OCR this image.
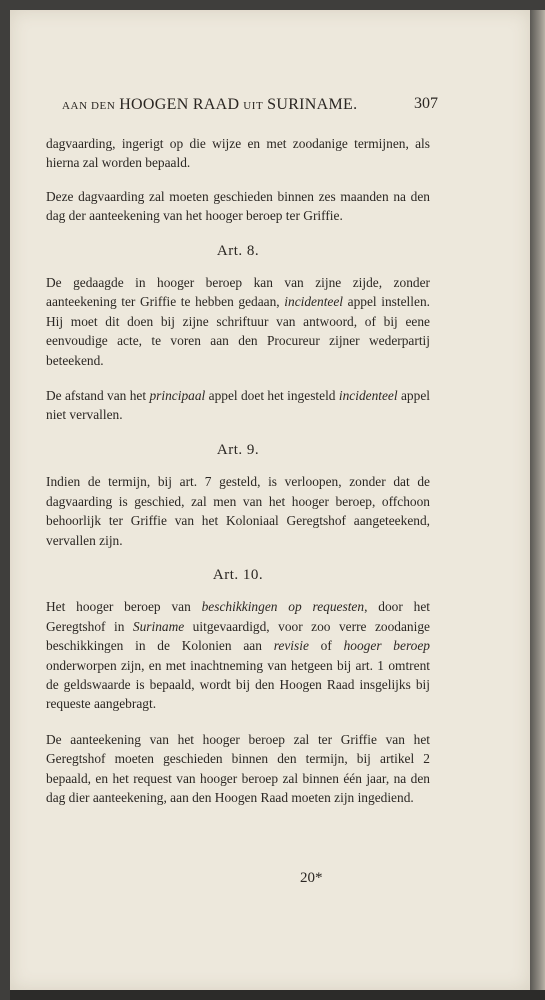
AAN DEN HOOGEN RAAD UIT SURINAME.	307

dagvaarding, ingerigt op die wijze en met zoodanige termijnen, als hierna zal worden bepaald.

Deze dagvaarding zal moeten geschieden binnen zes maanden na den dag der aanteekening van het hooger beroep ter Griffie.

Art. 8.

De gedaagde in hooger beroep kan van zijne zijde, zonder aanteekening ter Griffie te hebben gedaan, incidenteel appel instellen. Hij moet dit doen bij zijne schriftuur van antwoord, of bij eene eenvoudige acte, te voren aan den Procureur zijner wederpartij beteekend.

De afstand van het principaal appel doet het ingesteld incidenteel appel niet vervallen.

Art. 9.

Indien de termijn, bij art. 7 gesteld, is verloopen, zonder dat de dagvaarding is geschied, zal men van het hooger beroep, offchoon behoorlijk ter Griffie van het Koloniaal Geregtshof aangeteekend, vervallen zijn.

Art. 10.

Het hooger beroep van beschikkingen op requesten, door het Geregtshof in Suriname uitgevaardigd, voor zoo verre zoodanige beschikkingen in de Kolonien aan revisie of hooger beroep onderworpen zijn, en met inachtneming van hetgeen bij art. 1 omtrent de geldswaarde is bepaald, wordt bij den Hoogen Raad insgelijks bij requeste aangebragt.

De aanteekening van het hooger beroep zal ter Griffie van het Geregtshof moeten geschieden binnen den termijn, bij artikel 2 bepaald, en het request van hooger beroep zal binnen één jaar, na den dag dier aanteekening, aan den Hoogen Raad moeten zijn ingediend.

20*
